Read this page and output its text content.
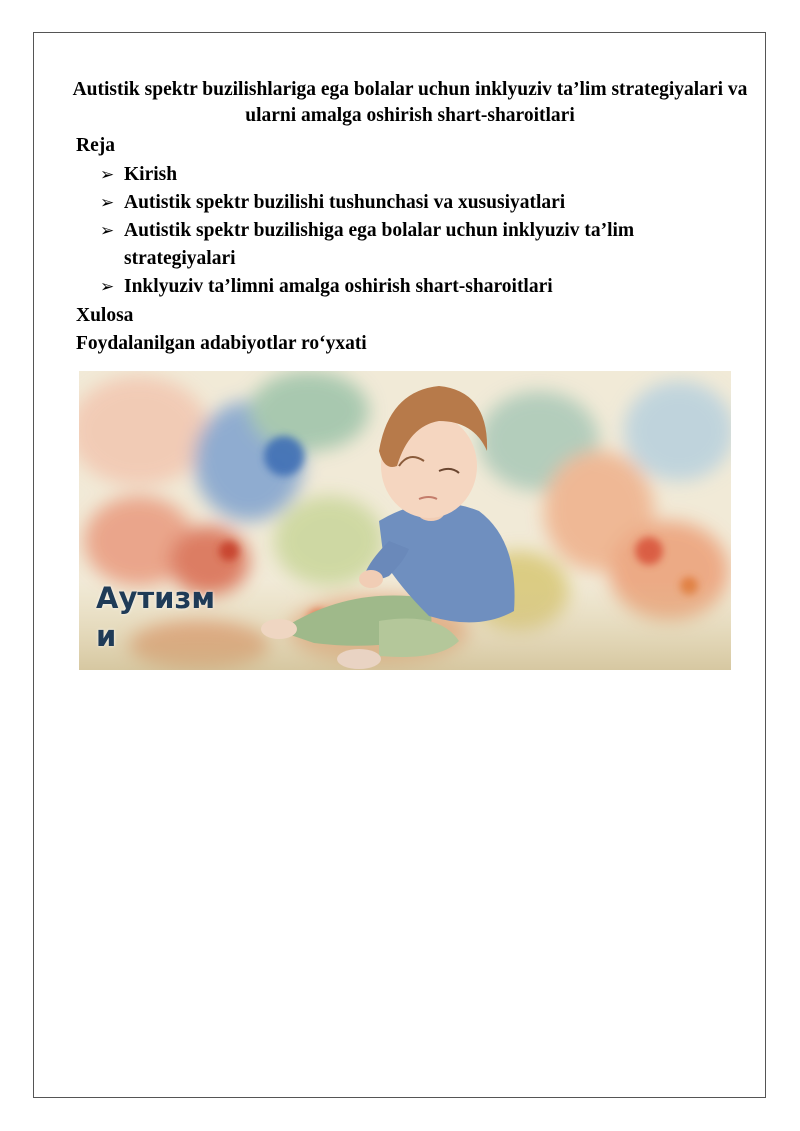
Autistik spektr buzilishlariga ega bolalar uchun inklyuziv ta’lim strategiyalari va ularni amalga oshirish shart-sharoitlari
Reja
➢ Kirish
➢ Autistik spektr buzilishi tushunchasi va xususiyatlari
➢ Autistik spektr buzilishiga ega bolalar uchun inklyuziv ta’lim strategiyalari
➢ Inklyuziv ta’limni amalga oshirish shart-sharoitlari
Xulosa
Foydalanilgan adabiyotlar ro‘yxati
Аутизм
и
